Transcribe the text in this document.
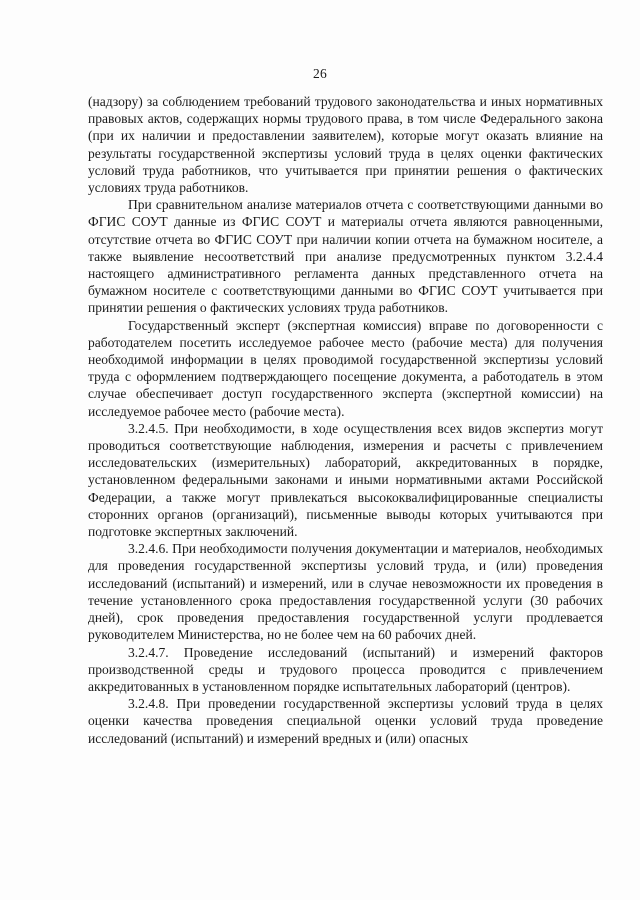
26

(надзору) за соблюдением требований трудового законодательства и иных нормативных правовых актов, содержащих нормы трудового права, в том числе Федерального закона (при их наличии и предоставлении заявителем), которые могут оказать влияние на результаты государственной экспертизы условий труда в целях оценки фактических условий труда работников, что учитывается при принятии решения о фактических условиях труда работников.

При сравнительном анализе материалов отчета с соответствующими данными во ФГИС СОУТ данные из ФГИС СОУТ и материалы отчета являются равноценными, отсутствие отчета во ФГИС СОУТ при наличии копии отчета на бумажном носителе, а также выявление несоответствий при анализе предусмотренных пунктом 3.2.4.4 настоящего административного регламента данных представленного отчета на бумажном носителе с соответствующими данными во ФГИС СОУТ учитывается при принятии решения о фактических условиях труда работников.

Государственный эксперт (экспертная комиссия) вправе по договоренности с работодателем посетить исследуемое рабочее место (рабочие места) для получения необходимой информации в целях проводимой государственной экспертизы условий труда с оформлением подтверждающего посещение документа, а работодатель в этом случае обеспечивает доступ государственного эксперта (экспертной комиссии) на исследуемое рабочее место (рабочие места).

3.2.4.5. При необходимости, в ходе осуществления всех видов экспертиз могут проводиться соответствующие наблюдения, измерения и расчеты с привлечением исследовательских (измерительных) лабораторий, аккредитованных в порядке, установленном федеральными законами и иными нормативными актами Российской Федерации, а также могут привлекаться высококвалифицированные специалисты сторонних органов (организаций), письменные выводы которых учитываются при подготовке экспертных заключений.

3.2.4.6. При необходимости получения документации и материалов, необходимых для проведения государственной экспертизы условий труда, и (или) проведения исследований (испытаний) и измерений, или в случае невозможности их проведения в течение установленного срока предоставления государственной услуги (30 рабочих дней), срок проведения предоставления государственной услуги продлевается руководителем Министерства, но не более чем на 60 рабочих дней.

3.2.4.7. Проведение исследований (испытаний) и измерений факторов производственной среды и трудового процесса проводится с привлечением аккредитованных в установленном порядке испытательных лабораторий (центров).

3.2.4.8. При проведении государственной экспертизы условий труда в целях оценки качества проведения специальной оценки условий труда проведение исследований (испытаний) и измерений вредных и (или) опасных
